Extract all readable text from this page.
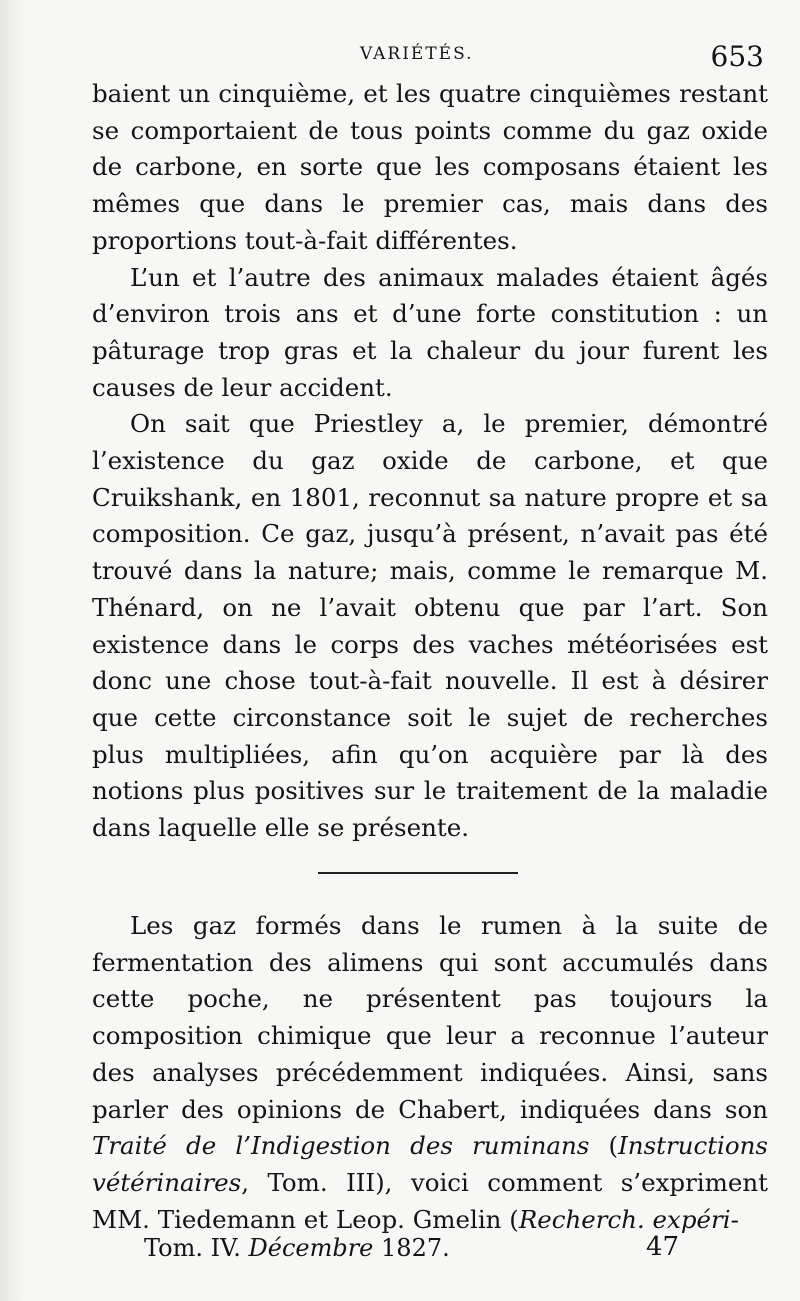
VARIÉTÉS.	653

baient un cinquième, et les quatre cinquièmes restant se comportaient de tous points comme du gaz oxide de carbone, en sorte que les composans étaient les mêmes que dans le premier cas, mais dans des proportions tout-à-fait différentes.

L’un et l’autre des animaux malades étaient âgés d’environ trois ans et d’une forte constitution : un pâturage trop gras et la chaleur du jour furent les causes de leur accident.

On sait que Priestley a, le premier, démontré l’existence du gaz oxide de carbone, et que Cruikshank, en 1801, reconnut sa nature propre et sa composition. Ce gaz, jusqu’à présent, n’avait pas été trouvé dans la nature; mais, comme le remarque M. Thénard, on ne l’avait obtenu que par l’art. Son existence dans le corps des vaches météorisées est donc une chose tout-à-fait nouvelle. Il est à désirer que cette circonstance soit le sujet de recherches plus multipliées, afin qu’on acquière par là des notions plus positives sur le traitement de la maladie dans laquelle elle se présente.

Les gaz formés dans le rumen à la suite de fermentation des alimens qui sont accumulés dans cette poche, ne présentent pas toujours la composition chimique que leur a reconnue l’auteur des analyses précédemment indiquées. Ainsi, sans parler des opinions de Chabert, indiquées dans son Traité de l’Indigestion des ruminans (Instructions vétérinaires, Tom. III), voici comment s’expriment MM. Tiedemann et Leop. Gmelin (Recherch. expéri-

Tom. IV. Décembre 1827.	47
